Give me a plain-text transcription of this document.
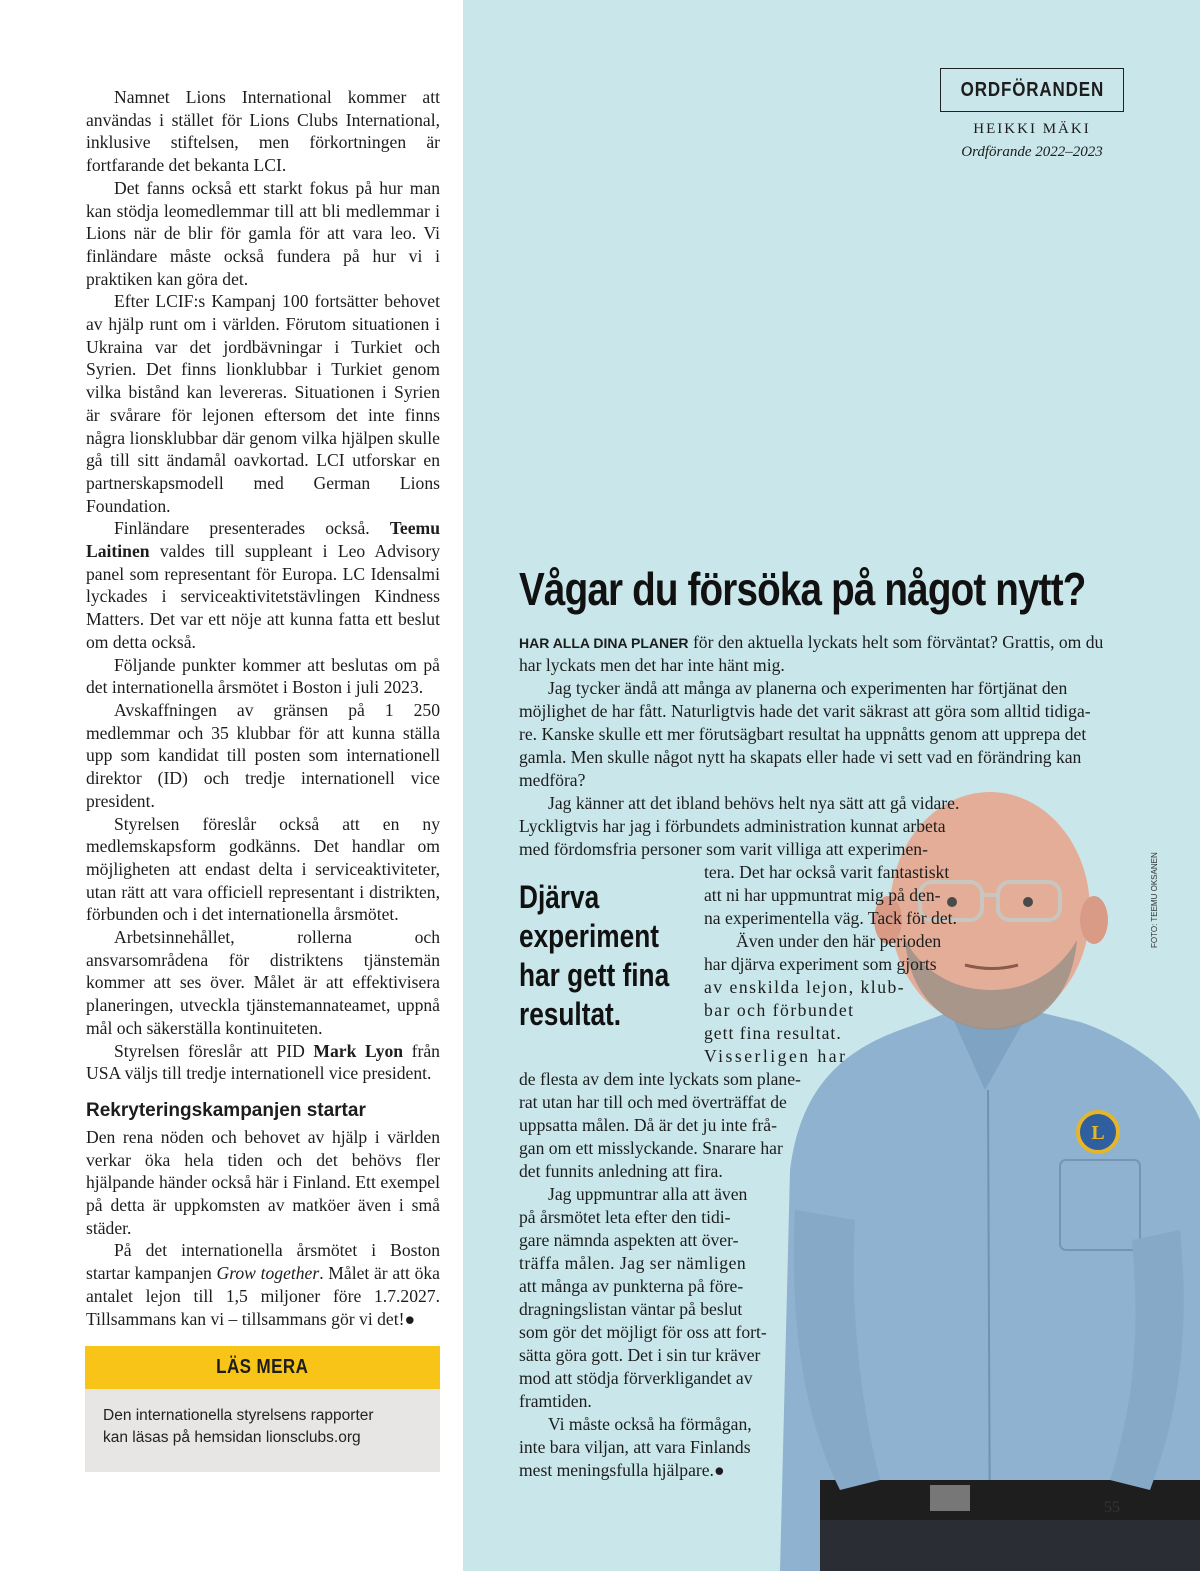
Namnet Lions International kommer att användas i stället för Lions Clubs International, inklusive stiftelsen, men förkortningen är fortfarande det bekanta LCI.

Det fanns också ett starkt fokus på hur man kan stödja leomedlemmar till att bli medlemmar i Lions när de blir för gamla för att vara leo. Vi finländare måste också fundera på hur vi i praktiken kan göra det.

Efter LCIF:s Kampanj 100 fortsätter behovet av hjälp runt om i världen. Förutom situationen i Ukraina var det jordbävningar i Turkiet och Syrien. Det finns lionklubbar i Turkiet genom vilka bistånd kan levereras. Situationen i Syrien är svårare för lejonen eftersom det inte finns några lionsklubbar där genom vilka hjälpen skulle gå till sitt ändamål oavkortad. LCI utforskar en partnerskapsmodell med German Lions Foundation.

Finländare presenterades också. Teemu Laitinen valdes till suppleant i Leo Advisory panel som representant för Europa. LC Idensalmi lyckades i serviceaktivitetstävlingen Kindness Matters. Det var ett nöje att kunna fatta ett beslut om detta också.

Följande punkter kommer att beslutas om på det internationella årsmötet i Boston i juli 2023.

Avskaffningen av gränsen på 1 250 medlemmar och 35 klubbar för att kunna ställa upp som kandidat till posten som internationell direktor (ID) och tredje internationell vice president.

Styrelsen föreslår också att en ny medlemskapsform godkänns. Det handlar om möjligheten att endast delta i serviceaktiviteter, utan rätt att vara officiell representant i distrikten, förbunden och i det internationella årsmötet.

Arbetsinnehållet, rollerna och ansvarsområdena för distriktens tjänstemän kommer att ses över. Målet är att effektivisera planeringen, utveckla tjänstemannateamet, uppnå mål och säkerställa kontinuiteten.

Styrelsen föreslår att PID Mark Lyon från USA väljs till tredje internationell vice president.

Rekryteringskampanjen startar

Den rena nöden och behovet av hjälp i världen verkar öka hela tiden och det behövs fler hjälpande händer också här i Finland. Ett exempel på detta är uppkomsten av matköer även i små städer.

På det internationella årsmötet i Boston startar kampanjen Grow together. Målet är att öka antalet lejon till 1,5 miljoner före 1.7.2027. Tillsammans kan vi – tillsammans gör vi det!●

LÄS MERA
Den internationella styrelsens rapporter
kan läsas på hemsidan lionsclubs.org
ORDFÖRANDEN
HEIKKI MÄKI
Ordförande 2022–2023
L
Vågar du försöka på något nytt?
HAR ALLA DINA PLANER för den aktuella lyckats helt som förväntat? Grattis, om du
har lyckats men det har inte hänt mig.
Jag tycker ändå att många av planerna och experimenten har förtjänat den
möjlighet de har fått. Naturligtvis hade det varit säkrast att göra som alltid tidiga-
re. Kanske skulle ett mer förutsägbart resultat ha uppnåtts genom att upprepa det
gamla. Men skulle något nytt ha skapats eller hade vi sett vad en förändring kan
medföra?
Jag känner att det ibland behövs helt nya sätt att gå vidare.
Lyckligtvis har jag i förbundets administration kunnat arbeta
med fördomsfria personer som varit villiga att experimen-
tera. Det har också varit fantastiskt
att ni har uppmuntrat mig på den-
na experimentella väg. Tack för det.
Även under den här perioden
har djärva experiment som gjorts
av enskilda lejon, klub-
bar och förbundet
gett fina resultat.
Visserligen har
de flesta av dem inte lyckats som plane-
rat utan har till och med överträffat de
uppsatta målen. Då är det ju inte frå-
gan om ett misslyckande. Snarare har
det funnits anledning att fira.
Jag uppmuntrar alla att även
på årsmötet leta efter den tidi-
gare nämnda aspekten att över-
träffa målen. Jag ser nämligen
att många av punkterna på före-
dragningslistan väntar på beslut
som gör det möjligt för oss att fort-
sätta göra gott. Det i sin tur kräver
mod att stödja förverkligandet av
framtiden.
Vi måste också ha förmågan,
inte bara viljan, att vara Finlands
mest meningsfulla hjälpare.●
Djärva
experiment
har gett fina
resultat.
FOTO: TEEMU OKSANEN
55
